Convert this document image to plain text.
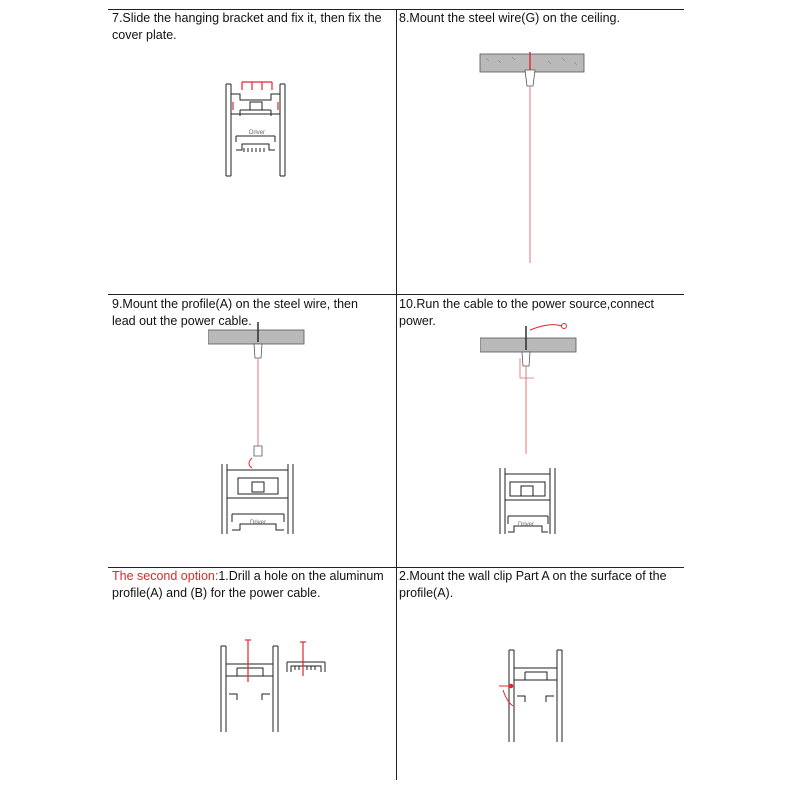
7.Slide the hanging bracket and fix it, then fix the cover plate.
8.Mount the steel wire(G) on the ceiling.
9.Mount the profile(A) on the steel wire, then lead out the power cable.
10.Run the cable to the power source,connect power.
The second option:1.Drill a hole on the aluminum profile(A) and (B) for the power cable.
2.Mount the wall clip Part A on the surface of the profile(A).
Driver
Driver	Driver
